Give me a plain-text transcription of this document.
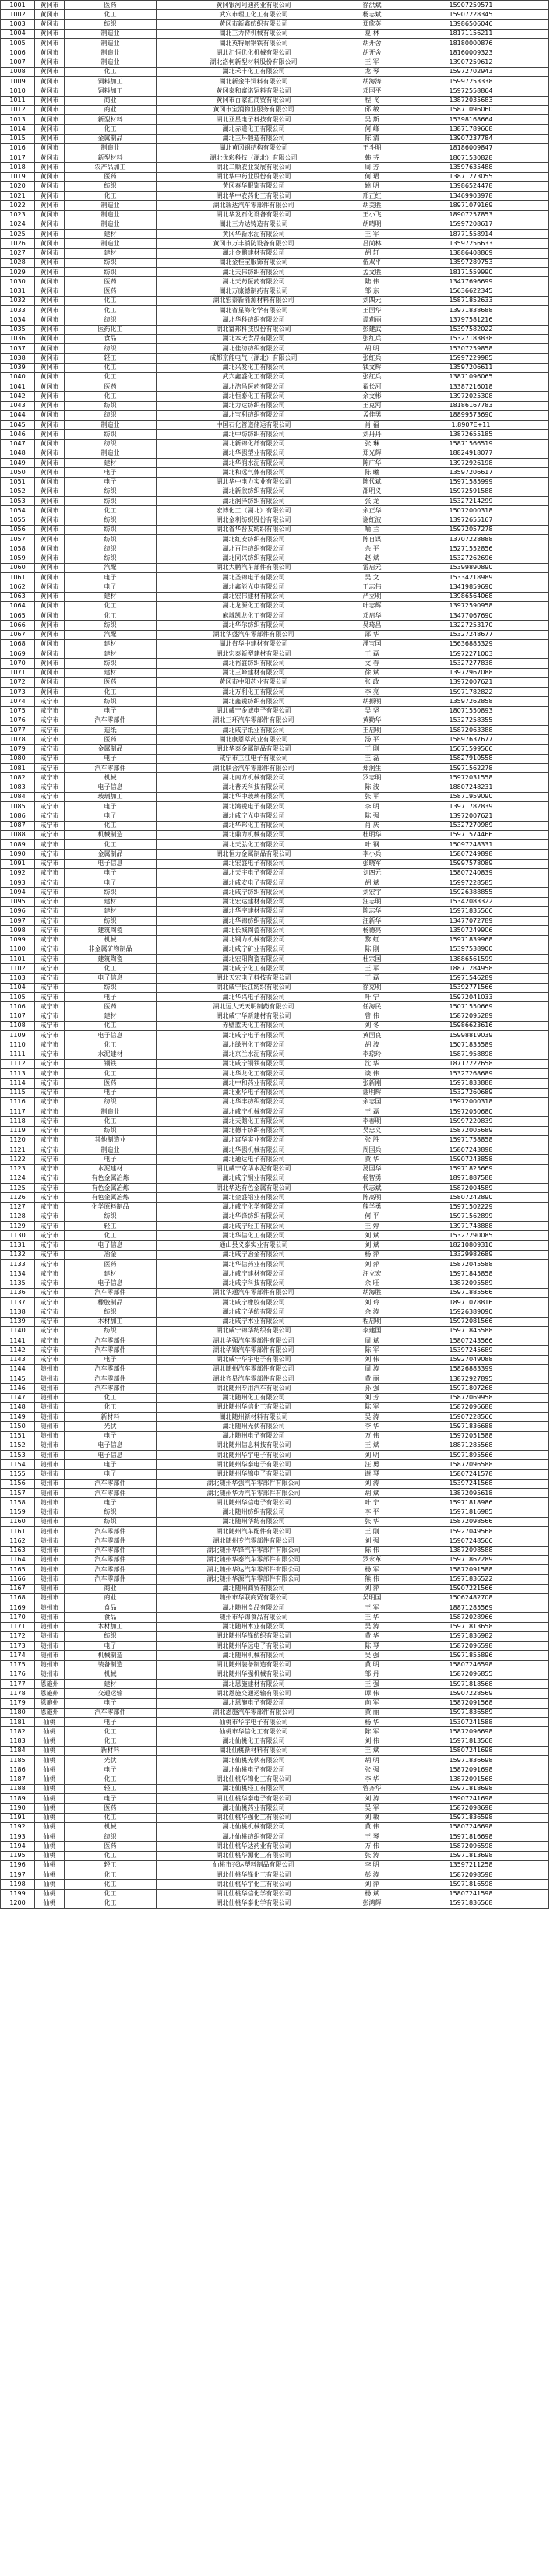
1001	黄冈市	医药	黄冈银河阿迪药业有限公司	徐洪斌	15907259571
1002	黄冈市	化工	武穴市理工化工有限公司	杨志斌	15907228345
1003	黄冈市	纺织	黄冈市新鑫纺织有限公司	郑欣英	13986506046
1004	黄冈市	制造业	湖北三力特机械有限公司	夏 林	18171156211
1005	黄冈市	制造业	湖北英特耐钢铁有限公司	胡开舍	18180000876
1006	黄冈市	制造业	湖北汇恒优化机械有限公司	胡开舍	18160009323
1007	黄冈市	制造业	湖北洛柯新型材料股份有限公司	王 军	13907259612
1008	黄冈市	化工	湖北禾丰化工有限公司	龙 琴	15972702943
1009	黄冈市	饲料加工	湖北新金牛饲料有限公司	胡海涛	15997253338
1010	黄冈市	饲料加工	黄冈泰和富诺饲料有限公司	邓国平	15972558864
1011	黄冈市	商业	黄冈市百家汇商贸有限公司	程 飞	13872035683
1012	黄冈市	商业	黄冈市宝润物业服务有限公司	邱 敏	15871096060
1013	黄冈市	新型材料	湖北亚星电子科技有限公司	吴 斯	15398168664
1014	黄冈市	化工	湖北赤道化工有限公司	何 峰	13871789668
1015	黄冈市	金属制品	湖北三环锻造有限公司	陈 清	13907237784
1016	黄冈市	制造业	湖北黄冈钢结构有限公司	王斗明	18186009847
1017	黄冈市	新型材料	湖北优彩科技（湖北）有限公司	韩 芬	18071530828
1018	黄冈市	农产品加工	湖北二顺农业发展有限公司	周 芳	13597635488
1019	黄冈市	医药	湖北华中药业股份有限公司	何 珺	13871273055
1020	黄冈市	纺织	黄冈春华服饰有限公司	姚 明	13986524478
1021	黄冈市	化工	湖北华中农药化工有限公司	邢正红	13469903978
1022	黄冈市	制造业	湖北瑞达汽车零部件有限公司	胡美胜	18971079169
1023	黄冈市	制造业	湖北华发石化设备有限公司	王小飞	18907257853
1024	黄冈市	制造业	湖北三力达铸造有限公司	胡晴明	15997208617
1025	黄冈市	建材	黄冈华新水泥有限公司	王 军	18771558914
1026	黄冈市	制造业	黄冈市万丰消防设备有限公司	吕尚林	13597256633
1027	黄冈市	建材	湖北金鹏建材有限公司	胡 轩	13886408869
1028	黄冈市	纺织	湖北金桂宝服饰有限公司	伍双平	13597289753
1029	黄冈市	纺织	湖北天伟纺织有限公司	孟文胜	18171559990
1030	黄冈市	医药	湖北天药医药有限公司	陆 伟	13477696699
1031	黄冈市	医药	湖北万康德制药有限公司	邹 东	15636622345
1032	黄冈市	化工	湖北宏泰新能源材料有限公司	刘四元	15871852633
1033	黄冈市	化工	湖北省星海化学有限公司	王国华	13971838688
1034	黄冈市	纺织	湖北华科纺织有限公司	谭莉丽	13797581216
1035	黄冈市	医药化工	湖北富邦科技股份有限公司	彭建武	15397582022
1036	黄冈市	食品	湖北本天食品有限公司	张红兵	15327183838
1037	黄冈市	纺织	湖北佳纺纺织有限公司	胡 明	15307259858
1038	黄冈市	轻工	成都京能电气（湖北）有限公司	张红兵	15997229985
1039	黄冈市	化工	湖北兴发化工有限公司	钱文辉	13597206611
1040	黄冈市	化工	武穴鑫盛化工有限公司	张红兵	13871096065
1041	黄冈市	医药	湖北浩昌医药有限公司	翟长河	13387216018
1042	黄冈市	化工	湖北恒泰化工有限公司	余文彬	13972025308
1043	黄冈市	纺织	湖北力达纺织有限公司	王克河	18186167783
1044	黄冈市	纺织	湖北宝利纺织有限公司	孟佳男	18899573690
1045	黄冈市	制造业	中国石化管道储运有限公司	肖 福	1.8907E+11
1046	黄冈市	纺织	湖北中纺纺织有限公司	刘丹丹	13872655185
1047	黄冈市	纺织	湖北新锦化纤有限公司	张 琳	15871566519
1048	黄冈市	制造业	湖北华强塑业有限公司	郑光辉	18824918077
1049	黄冈市	建材	湖北华润水泥有限公司	陈广华	13972926198
1050	黄冈市	电子	湖北和远气体有限公司	陈 曦	13597206617
1051	黄冈市	电子	湖北华中电力实业有限公司	陈代斌	15971585999
1052	黄冈市	纺织	湖北新欣纺织有限公司	邵明义	15972591588
1053	黄冈市	纺织	湖北润泽纺织有限公司	张 龙	15327214299
1054	黄冈市	化工	宏博化工（湖北）有限公司	余正华	15072000318
1055	黄冈市	纺织	湖北金利纺织股份有限公司	谢红波	13972655167
1056	黄冈市	纺织	湖北省华晋友纺织有限公司	喻 兰	15972057278
1057	黄冈市	纺织	湖北红安纺织有限公司	陈自谋	13707228888
1058	黄冈市	纺织	湖北百佳纺织有限公司	余 平	15271552856
1059	黄冈市	纺织	湖北同兴纺织有限公司	赵 斌	15327262696
1060	黄冈市	汽配	湖北大鹏汽车部件有限公司	雷启元	15399890890
1061	黄冈市	电子	湖北圣锦电子有限公司	吴 文	15334218989
1062	黄冈市	电子	湖北鑫能光电有限公司	王志伟	13419859690
1063	黄冈市	建材	湖北宏伟建材有限公司	严立明	13986564068
1064	黄冈市	化工	湖北龙源化工有限公司	叶志辉	13972590958
1065	黄冈市	化工	麻城凯龙化工有限公司	邓启华	13477067690
1066	黄冈市	纺织	湖北华尔纺织有限公司	吴琦昌	13227253170
1067	黄冈市	汽配	湖北华盛汽车零部件有限公司	邵 华	15327248677
1068	黄冈市	建材	湖北省华中建材有限公司	潘宝国	15636885329
1069	黄冈市	建材	湖北宏泰新型建材有限公司	王 磊	15972271003
1070	黄冈市	纺织	湖北裕盛纺织有限公司	文 春	15327277838
1071	黄冈市	建材	湖北三峰建材有限公司	徐 斌	13972967088
1072	黄冈市	医药	黄冈市中阳药业有限公司	张 政	13972007621
1073	黄冈市	化工	湖北万利化工有限公司	李 亮	15971782822
1074	咸宁市	纺织	湖北鑫锐纺织有限公司	胡振明	13597262858
1075	咸宁市	电子	湖北咸宁金诚电子有限公司	吴 坚	18071550893
1076	咸宁市	汽车零部件	湖北三环汽车零部件有限公司	黄勤华	15327258355
1077	咸宁市	造纸	湖北咸宁纸业有限公司	王启明	15872063388
1078	咸宁市	医药	湖北康恩萃药业有限公司	汤 平	15897637677
1079	咸宁市	金属制品	湖北华泰金属制品有限公司	王 刚	15071599566
1080	咸宁市	电子	咸宁市三江电子有限公司	王 磊	15827910558
1081	咸宁市	汽车零部件	湖北联合汽车零部件有限公司	郑润生	15971562278
1082	咸宁市	机械	湖北南方机械有限公司	罗志明	15972031558
1083	咸宁市	电子信息	湖北普天科技有限公司	陈 波	18807248231
1084	咸宁市	玻璃加工	湖北华中玻璃有限公司	张 军	15871959090
1085	咸宁市	电子	湖北鸿锐电子有限公司	李 明	13971782839
1086	咸宁市	电子	湖北咸宁光电有限公司	陈 强	13972007621
1087	咸宁市	化工	湖北华邦化工有限公司	肖 庆	15327270989
1088	咸宁市	机械制造	湖北鼎力机械有限公司	杜明华	15971574466
1089	咸宁市	化工	湖北天弘化工有限公司	叶 钢	15097248331
1090	咸宁市	金属制品	湖北恒力金属制品有限公司	李小兵	15807249898
1091	咸宁市	电子信息	湖北宏盛电子有限公司	张晓军	15997578089
1092	咸宁市	电子	湖北天宇电子有限公司	刘四元	15807240839
1093	咸宁市	电子	湖北咸安电子有限公司	胡 斌	15997228585
1094	咸宁市	纺织	湖北咸宁纺织有限公司	刘宏宇	15926388855
1095	咸宁市	建材	湖北宏达建材有限公司	汪志明	15342083322
1096	咸宁市	建材	湖北华宇建材有限公司	陈志华	15971835566
1097	咸宁市	纺织	湖北华锦纺织有限公司	汪新华	13477072789
1098	咸宁市	建筑陶瓷	湖北长城陶瓷有限公司	杨德亮	13507249906
1099	咸宁市	机械	湖北钢力机械有限公司	黎 虹	15971839968
1100	咸宁市	非金属矿物制品	湖北咸宁矿业有限公司	陈 刚	15397538900
1101	咸宁市	建筑陶瓷	湖北宏阳陶瓷有限公司	杜宗国	13886561599
1102	咸宁市	化工	湖北咸宁化工有限公司	王 军	18871284958
1103	咸宁市	电子信息	湖北天宏电子科技有限公司	王 磊	15971546289
1104	咸宁市	纺织	湖北咸宁长江纺织有限公司	徐克明	15392771566
1105	咸宁市	电子	湖北华兴电子有限公司	叶 宁	15972041033
1106	咸宁市	医药	湖北远大天天明制药有限公司	任海民	15071550669
1107	咸宁市	建材	湖北咸宁华新建材有限公司	曾 伟	15872095289
1108	咸宁市	化工	赤壁蓝天化工有限公司	刘 冬	15986623616
1109	咸宁市	电子信息	湖北咸宁电子有限公司	黄国良	15998819039
1110	咸宁市	化工	湖北绿洲化工有限公司	胡 波	15071835589
1111	咸宁市	水泥建材	湖北京兰水泥有限公司	李琼玲	15871958898
1112	咸宁市	钢铁	湖北咸宁钢铁有限公司	沈 华	18717222658
1113	咸宁市	化工	湖北华龙化工有限公司	谈 伟	15327268689
1114	咸宁市	医药	湖北中和药业有限公司	张新刚	15971833888
1115	咸宁市	电子	湖北亚华电子有限公司	谢明辉	15327260689
1116	咸宁市	纺织	湖北华丰纺织有限公司	余志国	15972000318
1117	咸宁市	制造业	湖北咸宁机械有限公司	王 磊	15972050680
1118	咸宁市	化工	湖北天鹅化工有限公司	李春明	15997220839
1119	咸宁市	纺织	湖北德丰纺织有限公司	吴忠义	15872005689
1120	咸宁市	其他制造业	湖北富华实业有限公司	张 胜	15971758858
1121	咸宁市	制造业	湖北华强机械有限公司	周国兵	15807243898
1122	咸宁市	电子	湖北通达电子有限公司	黄 华	15907243858
1123	咸宁市	水泥建材	湖北咸宁京华水泥有限公司	汤国华	15971825669
1124	咸宁市	有色金属冶炼	湖北咸宁铜业有限公司	杨智勇	18971887588
1125	咸宁市	有色金属冶炼	湖北华达有色金属有限公司	代志斌	15872004589
1126	咸宁市	有色金属冶炼	湖北金盛铝业有限公司	陈高明	15807242890
1127	咸宁市	化学原料制品	湖北咸宁化学有限公司	熊学勇	15971502229
1128	咸宁市	纺织	湖北华锋纺织有限公司	何 平	15971562899
1129	咸宁市	轻工	湖北咸宁轻工有限公司	王 婷	13971748888
1130	咸宁市	化工	湖北华信化工有限公司	刘 斌	15327290085
1131	咸宁市	电子信息	通山县义泰实业有限公司	刘 斌	18210809310
1132	咸宁市	冶金	湖北咸宁冶金有限公司	杨 萍	13329982689
1133	咸宁市	医药	湖北华信药业有限公司	刘 萍	15872045588
1134	咸宁市	建材	湖北咸宁建材有限公司	汪立宏	15971845858
1135	咸宁市	电子信息	湖北咸宁科技有限公司	余 旺	13872095589
1136	咸宁市	汽车零部件	湖北华通汽车零部件有限公司	胡海胜	15971885566
1137	咸宁市	橡胶制品	湖北咸宁橡胶有限公司	刘 玲	18971078816
1138	咸宁市	纺织	湖北咸宁华纺有限公司	余 涛	15926389090
1139	咸宁市	木材加工	湖北咸宁木业有限公司	程启明	15972081566
1140	咸宁市	纺织	湖北咸宁锦华纺织有限公司	李建国	15971845588
1141	咸宁市	汽车零部件	湖北华强汽车零部件有限公司	周 斌	15807243566
1142	咸宁市	汽车零部件	湖北华锦汽车零部件有限公司	陈 军	15397245689
1143	咸宁市	电子	湖北咸宁华宇电子有限公司	刘 伟	15927049088
1144	随州市	汽车零部件	湖北随州汽车零部件有限公司	周 涛	15826883399
1145	随州市	汽车零部件	湖北齐星汽车零部件有限公司	黄 丽	13872927895
1146	随州市	汽车零部件	湖北随州专用汽车有限公司	孙 强	15971807268
1147	随州市	化工	湖北随州化工有限公司	刘 芳	15872069958
1148	随州市	化工	湖北随州华信化工有限公司	陈 军	15872096688
1149	随州市	新材料	湖北随州新材料有限公司	吴 涛	15907228566
1150	随州市	光伏	湖北随州光伏有限公司	李 华	15971836688
1151	随州市	电子	湖北随州电子有限公司	万 伟	15972051588
1152	随州市	电子信息	湖北随州信息科技有限公司	王 斌	18871285568
1153	随州市	电子信息	湖北随州华宇电子有限公司	刘 明	15971895566
1154	随州市	电子	湖北随州华泰电子有限公司	汪 勇	15872096588
1155	随州市	电子	湖北随州华锦电子有限公司	谢 琴	15807241578
1156	随州市	汽车零部件	湖北随州华强汽车零部件有限公司	刘 涛	15397241568
1157	随州市	汽车零部件	湖北随州华力汽车零部件有限公司	胡 斌	13872095618
1158	随州市	电子	湖北随州华信电子有限公司	叶 宁	15971818986
1159	随州市	纺织	湖北随州纺织有限公司	李 平	15971816985
1160	随州市	纺织	湖北随州华纺有限公司	张 华	15872098566
1161	随州市	汽车零部件	湖北随州汽车配件有限公司	王 刚	15927049568
1162	随州市	汽车零部件	湖北随州专汽零部件有限公司	刘 强	15907248566
1163	随州市	汽车零部件	湖北随州华锋汽车零部件有限公司	陈 伟	13872098588
1164	随州市	汽车零部件	湖北随州华泰汽车零部件有限公司	罗永革	15971862289
1165	随州市	汽车零部件	湖北随州华达汽车零部件有限公司	杨 军	15872091588
1166	随州市	汽车零部件	湖北随州华源汽车零部件有限公司	熊 伟	15971836522
1167	随州市	商业	湖北随州商贸有限公司	刘 萍	15907221566
1168	随州市	商业	随州市华联商贸有限公司	吴明国	15062482708
1169	随州市	食品	湖北随州食品有限公司	王 军	18871285569
1170	随州市	食品	随州市华锦食品有限公司	王 华	15872028966
1171	随州市	木材加工	湖北随州木业有限公司	吴 涛	15971813658
1172	随州市	纺织	湖北随州华锋纺织有限公司	黄 华	15971836982
1173	随州市	电子	湖北随州华远电子有限公司	陈 琴	15872096598
1174	随州市	机械制造	湖北随州机械有限公司	吴 强	15971855896
1175	随州市	装备制造	湖北随州装备制造有限公司	黄 明	15807246598
1176	随州市	机械	湖北随州华强机械有限公司	邹 丹	15872096855
1177	恩施州	建材	湖北恩施建材有限公司	王 强	15971818568
1178	恩施州	交通运输	湖北恩施交通运输有限公司	谭 伟	15907228569
1179	恩施州	电子	湖北恩施电子有限公司	向 军	15872091568
1180	恩施州	汽车零部件	湖北恩施汽车零部件有限公司	黄 丽	15971836589
1181	仙桃	电子	仙桃市华宇电子有限公司	杨 华	15307241588
1182	仙桃	化工	仙桃市华信化工有限公司	陈 军	15872096698
1183	仙桃	化工	湖北仙桃化工有限公司	刘 伟	15971813568
1184	仙桃	新材料	湖北仙桃新材料有限公司	王 斌	15807241698
1185	仙桃	光伏	湖北仙桃光伏有限公司	胡 明	15971836698
1186	仙桃	电子	湖北仙桃电子有限公司	张 强	15872091698
1187	仙桃	化工	湖北仙桃华锦化工有限公司	李 华	13872091568
1188	仙桃	轻工	湖北仙桃轻工有限公司	管齐华	15971818698
1189	仙桃	电子	湖北仙桃华泰电子有限公司	刘 涛	15907241698
1190	仙桃	医药	湖北仙桃药业有限公司	吴 军	15872098698
1191	仙桃	化工	湖北仙桃华强化工有限公司	刘 敏	15971836598
1192	仙桃	机械	湖北仙桃机械有限公司	黄 伟	15807246698
1193	仙桃	纺织	湖北仙桃纺织有限公司	王 琴	15971816698
1194	仙桃	医药	湖北仙桃华达药业有限公司	万 伟	15872096598
1195	仙桃	化工	湖北仙桃华源化工有限公司	张 涛	15971813698
1196	仙桃	轻工	仙桃市兴达塑料制品有限公司	李 明	13597211258
1197	仙桃	化工	湖北仙桃华锋化工有限公司	彭 涛	15872098598
1198	仙桃	化工	湖北仙桃华宇化工有限公司	刘 萍	15971816598
1199	仙桃	化工	湖北仙桃华信化学有限公司	杨 斌	15807241598
1200	仙桃	化工	湖北仙桃华泰化学有限公司	彭鸿辉	15971836568
